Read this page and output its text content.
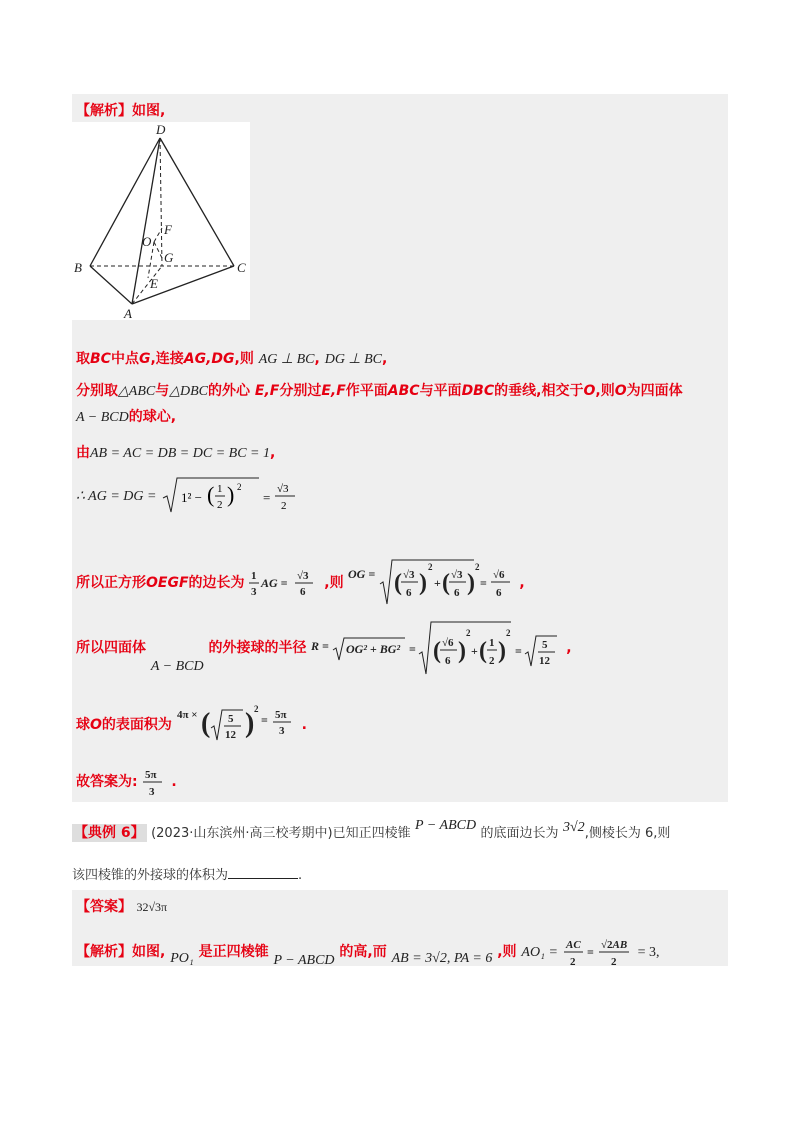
【解析】如图,
D
B	C
A
O
F
G
E
取BC中点G,连接AG,DG,则 AG ⊥ BC, DG ⊥ BC,
分别取△ABC与△DBC的外心 E,F分别过E,F作平面ABC与平面DBC的垂线,相交于O,则O为四面体
A − BCD的球心,
由AB = AC = DB = DC = BC = 1,
∴ AG = DG = 1² − ( 1
2 ) 2
=
√3
2
所以正方形OEGF的边长为 1
3
AG = √3
6
,则
OG = ( √3
6 )
2
+ ( √3
6 )
2
=
√6
6
,
所以四面体 A − BCD 的外接球的半径 R = OG² + BG² = ( √6
6 )
2
+ ( 1
2 )
2
= 5
12
,
球O的表面积为
4π × ( 5
12 ) 2
= 5π
3 .
故答案为: 5π
3
.
【典例 6】 (2023·山东滨州·高三校考期中)已知正四棱锥 P − ABCD 的底面边长为 3√2,侧棱长为 6,则
该四棱锥的外接球的体积为	.
【答案】 32√3π
【解析】如图, PO₁ 是正四棱锥 P − ABCD 的高,而 AB = 3√2, PA = 6 ,则 AO₁ = AC
2
= √2AB
2
= 3,
